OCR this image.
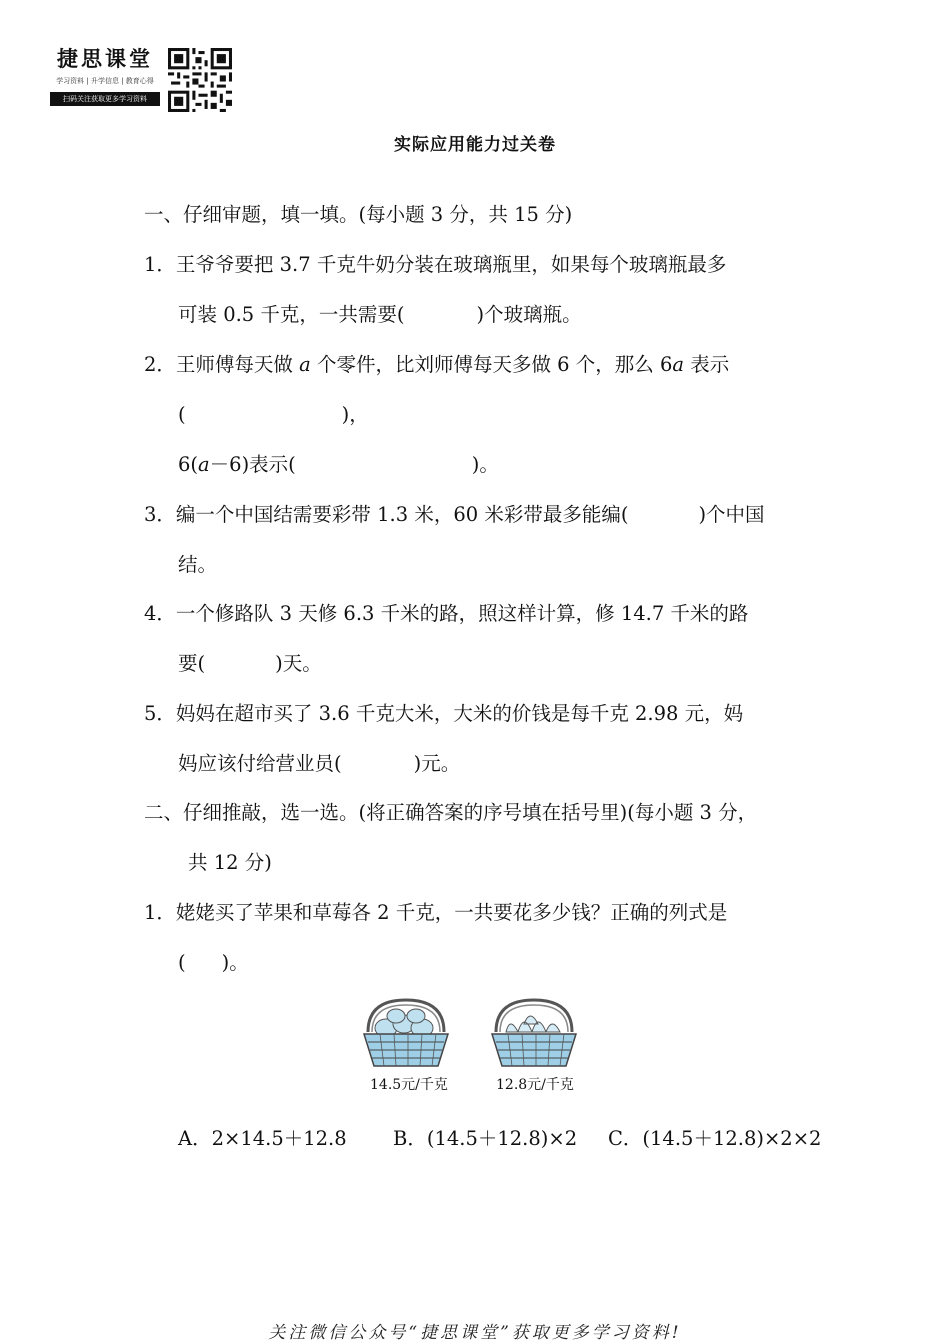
捷思课堂
学习资料 | 升学信息 | 教育心得
扫码关注获取更多学习资料
实际应用能力过关卷
一、仔细审题，填一填。(每小题 3 分，共 15 分)
1．王爷爷要把 3.7 千克牛奶分装在玻璃瓶里，如果每个玻璃瓶最多
可装 0.5 千克，一共需要(	)个玻璃瓶。
2．王师傅每天做 a 个零件，比刘师傅每天多做 6 个，那么 6a 表示
(	)，
6(a－6)表示(	)。
3．编一个中国结需要彩带 1.3 米，60 米彩带最多能编(	)个中国
结。
4．一个修路队 3 天修 6.3 千米的路，照这样计算，修 14.7 千米的路
要(	)天。
5．妈妈在超市买了 3.6 千克大米，大米的价钱是每千克 2.98 元，妈
妈应该付给营业员(	)元。
二、仔细推敲，选一选。(将正确答案的序号填在括号里)(每小题 3 分，
共 12 分)
1．姥姥买了苹果和草莓各 2 千克，一共要花多少钱？正确的列式是
( )。
14.5元/千克	12.8元/千克
A．2×14.5＋12.8 B．(14.5＋12.8)×2 C．(14.5＋12.8)×2×2
关注微信公众号“捷思课堂”获取更多学习资料!
